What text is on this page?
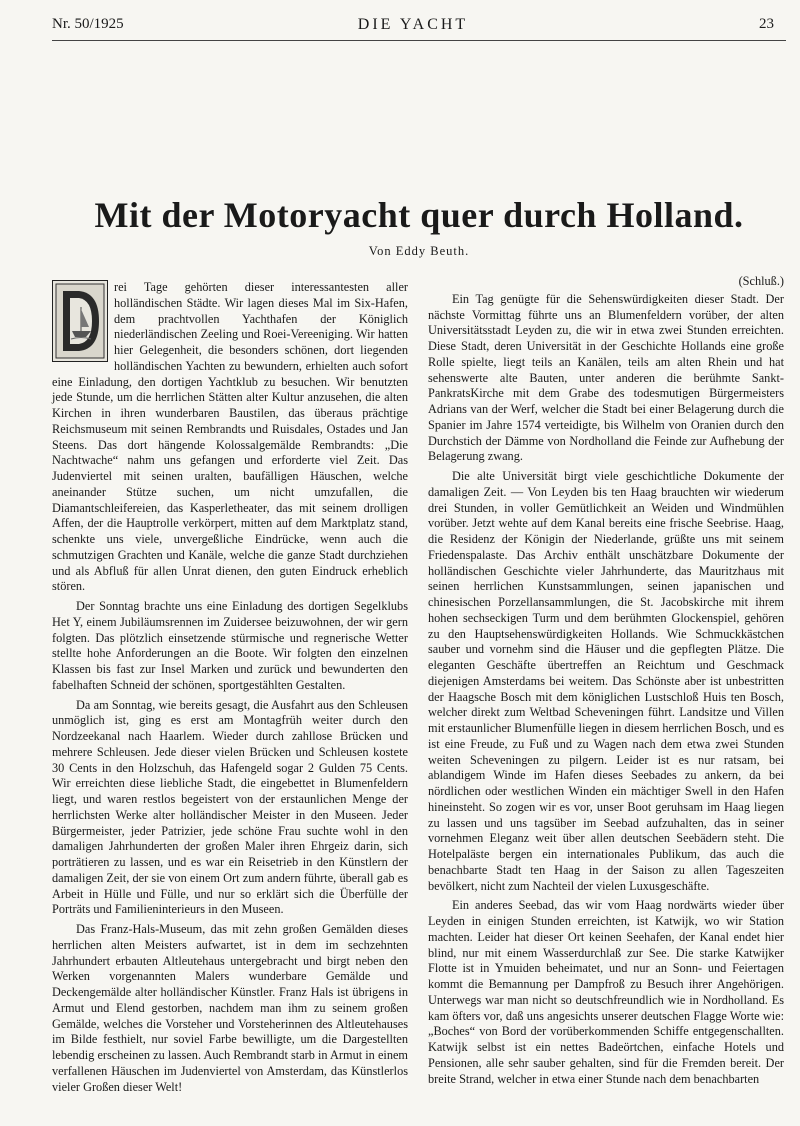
Nr. 50/1925	DIE YACHT	23
Mit der Motoryacht quer durch Holland.
Von Eddy Beuth.

rei Tage gehörten dieser interessantesten aller holländischen Städte. Wir lagen dieses Mal im Six-Hafen, dem prachtvollen Yachthafen der Königlich niederländischen Zeeling und Roei-Vereeniging. Wir hatten hier Gelegenheit, die besonders schönen, dort liegenden holländischen Yachten zu bewundern, erhielten auch sofort eine Einladung, den dortigen Yachtklub zu besuchen. Wir benutzten jede Stunde, um die herrlichen Stätten alter Kultur anzusehen, die alten Kirchen in ihren wunderbaren Baustilen, das überaus prächtige Reichsmuseum mit seinen Rembrandts und Ruisdales, Ostades und Jan Steens. Das dort hängende Kolossalgemälde Rembrandts: „Die Nachtwache“ nahm uns gefangen und erforderte viel Zeit. Das Judenviertel mit seinen uralten, baufälligen Häuschen, welche aneinander Stütze suchen, um nicht umzufallen, die Diamantschleifereien, das Kasperletheater, das mit seinem drolligen Affen, der die Hauptrolle verkörpert, mitten auf dem Marktplatz stand, schenkte uns viele, unvergeßliche Eindrücke, wenn auch die schmutzigen Grachten und Kanäle, welche die ganze Stadt durchziehen und als Abfluß für allen Unrat dienen, den guten Eindruck erheblich stören.

Der Sonntag brachte uns eine Einladung des dortigen Segelklubs Het Y, einem Jubiläumsrennen im Zuidersee beizuwohnen, der wir gern folgten. Das plötzlich einsetzende stürmische und regnerische Wetter stellte hohe Anforderungen an die Boote. Wir folgten den einzelnen Klassen bis fast zur Insel Marken und zurück und bewunderten den fabelhaften Schneid der schönen, sportgestählten Gestalten.

Da am Sonntag, wie bereits gesagt, die Ausfahrt aus den Schleusen unmöglich ist, ging es erst am Montagfrüh weiter durch den Nordzeekanal nach Haarlem. Wieder durch zahllose Brücken und mehrere Schleusen. Jede dieser vielen Brücken und Schleusen kostete 30 Cents in den Holzschuh, das Hafengeld sogar 2 Gulden 75 Cents. Wir erreichten diese liebliche Stadt, die eingebettet in Blumenfeldern liegt, und waren restlos begeistert von der erstaunlichen Menge der herrlichsten Werke alter holländischer Meister in den Museen. Jeder Bürgermeister, jeder Patrizier, jede schöne Frau suchte wohl in den damaligen Jahrhunderten der großen Maler ihren Ehrgeiz darin, sich porträtieren zu lassen, und es war ein Reisetrieb in den Künstlern der damaligen Zeit, der sie von einem Ort zum andern führte, überall gab es Arbeit in Hülle und Fülle, und nur so erklärt sich die Überfülle der Porträts und Familieninterieurs in den Museen.

Das Franz-Hals-Museum, das mit zehn großen Gemälden dieses herrlichen alten Meisters aufwartet, ist in dem im sechzehnten Jahrhundert erbauten Altleutehaus untergebracht und birgt neben den Werken vorgenannten Malers wunderbare Gemälde und Deckengemälde alter holländischer Künstler. Franz Hals ist übrigens in Armut und Elend gestorben, nachdem man ihm zu seinem großen Gemälde, welches die Vorsteher und Vorsteherinnen des Altleutehauses im Bilde festhielt, nur soviel Farbe bewilligte, um die Dargestellten lebendig erscheinen zu lassen. Auch Rembrandt starb in Armut in einem verfallenen Häuschen im Judenviertel von Amsterdam, das Künstlerlos vieler Großen dieser Welt!

(Schluß.)

Ein Tag genügte für die Sehenswürdigkeiten dieser Stadt. Der nächste Vormittag führte uns an Blumenfeldern vorüber, der alten Universitätsstadt Leyden zu, die wir in etwa zwei Stunden erreichten. Diese Stadt, deren Universität in der Geschichte Hollands eine große Rolle spielte, liegt teils an Kanälen, teils am alten Rhein und hat sehenswerte alte Bauten, unter anderen die berühmte Sankt-PankratsKirche mit dem Grabe des todesmutigen Bürgermeisters Adrians van der Werf, welcher die Stadt bei einer Belagerung durch die Spanier im Jahre 1574 verteidigte, bis Wilhelm von Oranien durch den Durchstich der Dämme von Nordholland die Feinde zur Aufhebung der Belagerung zwang.

Die alte Universität birgt viele geschichtliche Dokumente der damaligen Zeit. — Von Leyden bis ten Haag brauchten wir wiederum drei Stunden, in voller Gemütlichkeit an Weiden und Windmühlen vorüber. Jetzt wehte auf dem Kanal bereits eine frische Seebrise. Haag, die Residenz der Königin der Niederlande, grüßte uns mit seinem Friedenspalaste. Das Archiv enthält unschätzbare Dokumente der holländischen Geschichte vieler Jahrhunderte, das Mauritzhaus mit seinen herrlichen Kunstsammlungen, seinen japanischen und chinesischen Porzellansammlungen, die St. Jacobskirche mit ihrem hohen sechseckigen Turm und dem berühmten Glockenspiel, gehören zu den Hauptsehenswürdigkeiten Hollands. Wie Schmuckkästchen sauber und vornehm sind die Häuser und die gepflegten Plätze. Die eleganten Geschäfte übertreffen an Reichtum und Geschmack diejenigen Amsterdams bei weitem. Das Schönste aber ist unbestritten der Haagsche Bosch mit dem königlichen Lustschloß Huis ten Bosch, welcher direkt zum Weltbad Scheveningen führt. Landsitze und Villen mit erstaunlicher Blumenfülle liegen in diesem herrlichen Bosch, und es ist eine Freude, zu Fuß und zu Wagen nach dem etwa zwei Stunden weiten Scheveningen zu pilgern. Leider ist es nur ratsam, bei ablandigem Winde im Hafen dieses Seebades zu ankern, da bei nördlichen oder westlichen Winden ein mächtiger Swell in den Hafen hineinsteht. So zogen wir es vor, unser Boot geruhsam im Haag liegen zu lassen und uns tagsüber im Seebad aufzuhalten, das in seiner vornehmen Eleganz weit über allen deutschen Seebädern steht. Die Hotelpaläste bergen ein internationales Publikum, das auch die benachbarte Stadt ten Haag in der Saison zu allen Tageszeiten bevölkert, nicht zum Nachteil der vielen Luxusgeschäfte.

Ein anderes Seebad, das wir vom Haag nordwärts wieder über Leyden in einigen Stunden erreichten, ist Katwijk, wo wir Station machten. Leider hat dieser Ort keinen Seehafen, der Kanal endet hier blind, nur mit einem Wasserdurchlaß zur See. Die starke Katwijker Flotte ist in Ymuiden beheimatet, und nur an Sonn- und Feiertagen kommt die Bemannung per Dampfroß zu Besuch ihrer Angehörigen. Unterwegs war man nicht so deutschfreundlich wie in Nordholland. Es kam öfters vor, daß uns angesichts unserer deutschen Flagge Worte wie: „Boches“ von Bord der vorüberkommenden Schiffe entgegenschallten. Katwijk selbst ist ein nettes Badeörtchen, einfache Hotels und Pensionen, alle sehr sauber gehalten, sind für die Fremden bereit. Der breite Strand, welcher in etwa einer Stunde nach dem benachbarten
